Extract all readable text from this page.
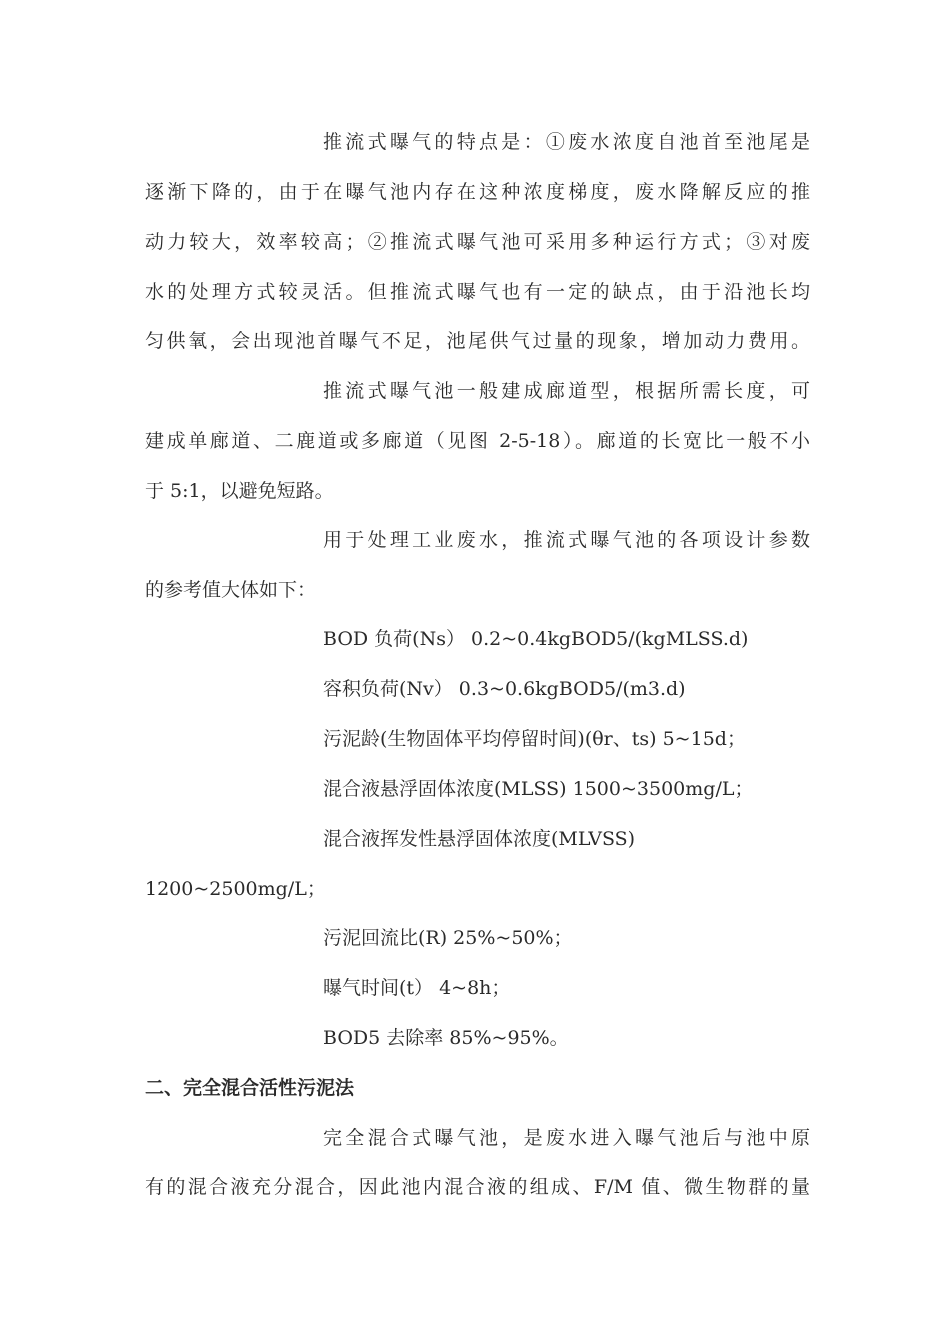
推流式曝气的特点是：①废水浓度自池首至池尾是
逐渐下降的，由于在曝气池内存在这种浓度梯度，废水降解反应的推
动力较大，效率较高；②推流式曝气池可采用多种运行方式；③对废
水的处理方式较灵活。但推流式曝气也有一定的缺点，由于沿池长均
匀供氧，会出现池首曝气不足，池尾供气过量的现象，增加动力费用。
推流式曝气池一般建成廊道型，根据所需长度，可
建成单廊道、二鹿道或多廊道（见图 2-5-18）。廊道的长宽比一般不小
于 5:1，以避免短路。
用于处理工业废水，推流式曝气池的各项设计参数
的参考值大体如下：
BOD 负荷(Ns） 0.2~0.4kgBOD5/(kgMLSS.d)
容积负荷(Nv） 0.3~0.6kgBOD5/(m3.d)
污泥龄(生物固体平均停留时间)(θr、ts) 5~15d；
混合液悬浮固体浓度(MLSS) 1500~3500mg/L；
混合液挥发性悬浮固体浓度(MLVSS)
1200~2500mg/L；
污泥回流比(R) 25%~50%；
曝气时间(t） 4~8h；
BOD5 去除率 85%~95%。
二、完全混合活性污泥法
完全混合式曝气池，是废水进入曝气池后与池中原
有的混合液充分混合，因此池内混合液的组成、F/M 值、微生物群的量
